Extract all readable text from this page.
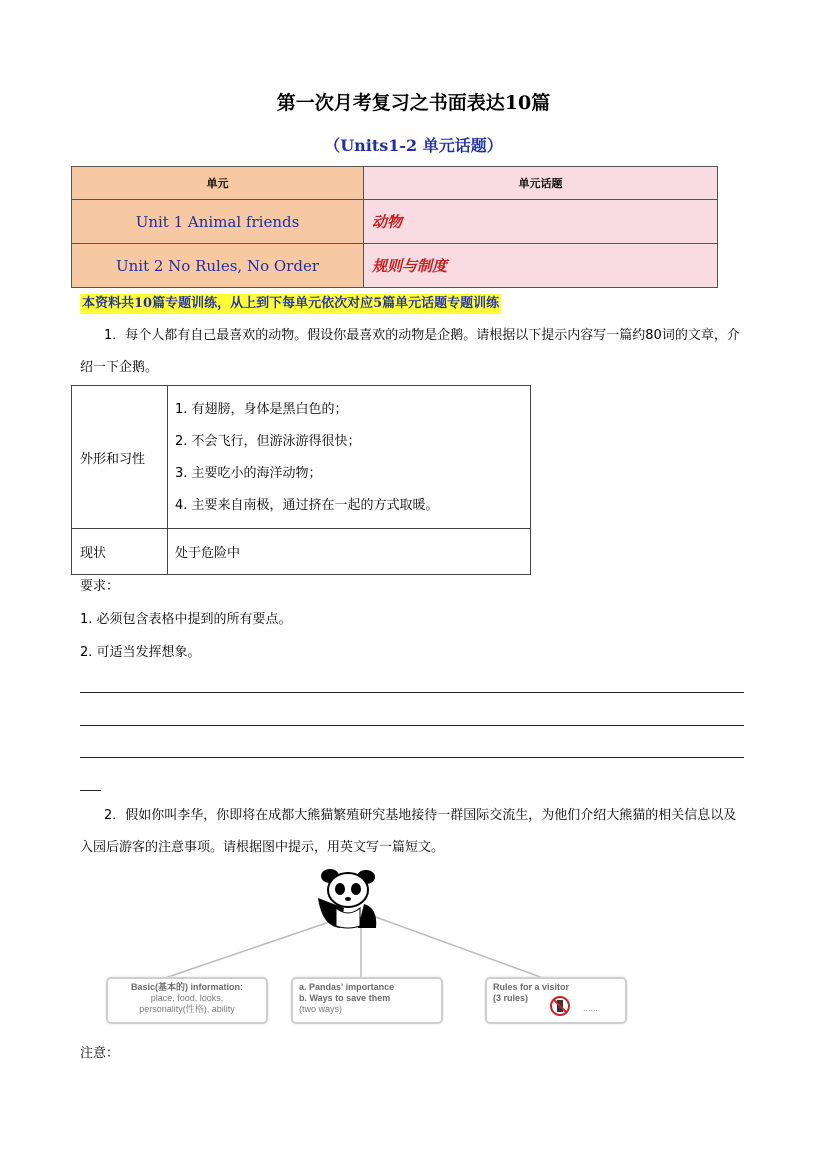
第一次月考复习之书面表达10篇
（Units1-2 单元话题）
单元	单元话题
Unit 1 Animal friends	动物
Unit 2 No Rules, No Order	规则与制度
本资料共10篇专题训练，从上到下每单元依次对应5篇单元话题专题训练
1．每个人都有自己最喜欢的动物。假设你最喜欢的动物是企鹅。请根据以下提示内容写一篇约80词的文章，介绍一下企鹅。
外形和习性	1. 有翅膀，身体是黑白色的；
2. 不会飞行，但游泳游得很快；
3. 主要吃小的海洋动物；
4. 主要来自南极，通过挤在一起的方式取暖。

现状	处于危险中
要求：
1. 必须包含表格中提到的所有要点。
2. 可适当发挥想象。
2．假如你叫李华，你即将在成都大熊猫繁殖研究基地接待一群国际交流生，为他们介绍大熊猫的相关信息以及入园后游客的注意事项。请根据图中提示，用英文写一篇短文。
Basic(基本的) information:
place, food, looks,
personality(性格), ability
a. Pandas' importance
b. Ways to save them
(two ways)
Rules for a visitor
(3 rules)
......
注意：
